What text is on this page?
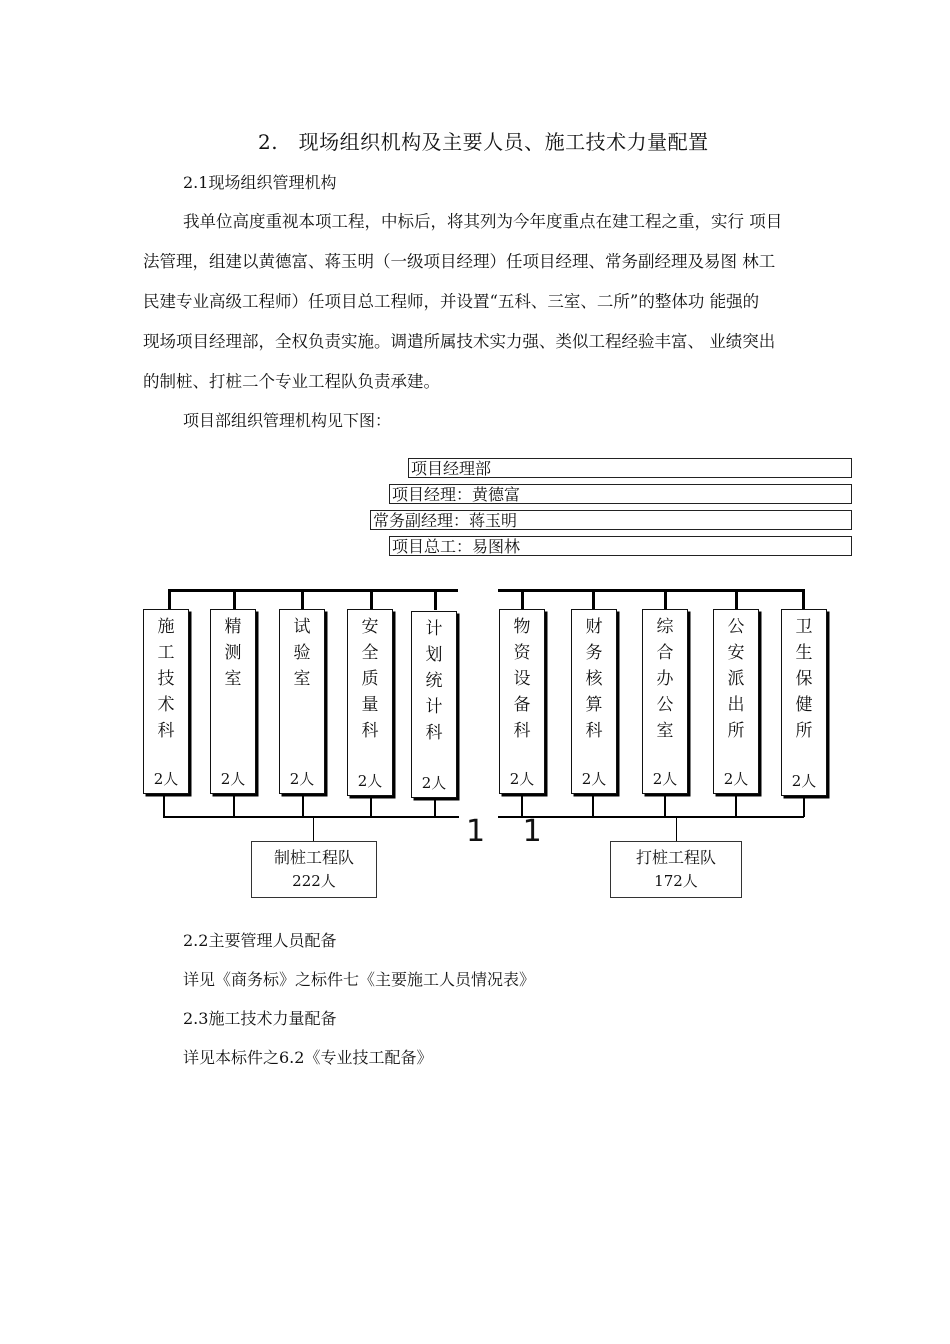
2.　现场组织机构及主要人员、施工技术力量配置
2.1现场组织管理机构
我单位高度重视本项工程，中标后，将其列为今年度重点在建工程之重，实行 项目
法管理，组建以黄德富、蒋玉明（一级项目经理）任项目经理、常务副经理及易图 林工
民建专业高级工程师）任项目总工程师，并设置“五科、三室、二所”的整体功 能强的
现场项目经理部，全权负责实施。调遣所属技术实力强、类似工程经验丰富、 业绩突出
的制桩、打桩二个专业工程队负责承建。
项目部组织管理机构见下图：
项目经理部
项目经理：黄德富
常务副经理：蒋玉明
项目总工：易图林
施工技术科
2人
精测室
2人
试验室
2人
安全质量科
2人
计划统计科
2人
物资设备科
2人
财务核算科
2人
综合办公室
2人
公安派出所
2人
卫生保健所
2人
1 1
制桩工程队
222人
打桩工程队
172人
2.2主要管理人员配备
详见《商务标》之标件七《主要施工人员情况表》
2.3施工技术力量配备
详见本标件之6.2《专业技工配备》
